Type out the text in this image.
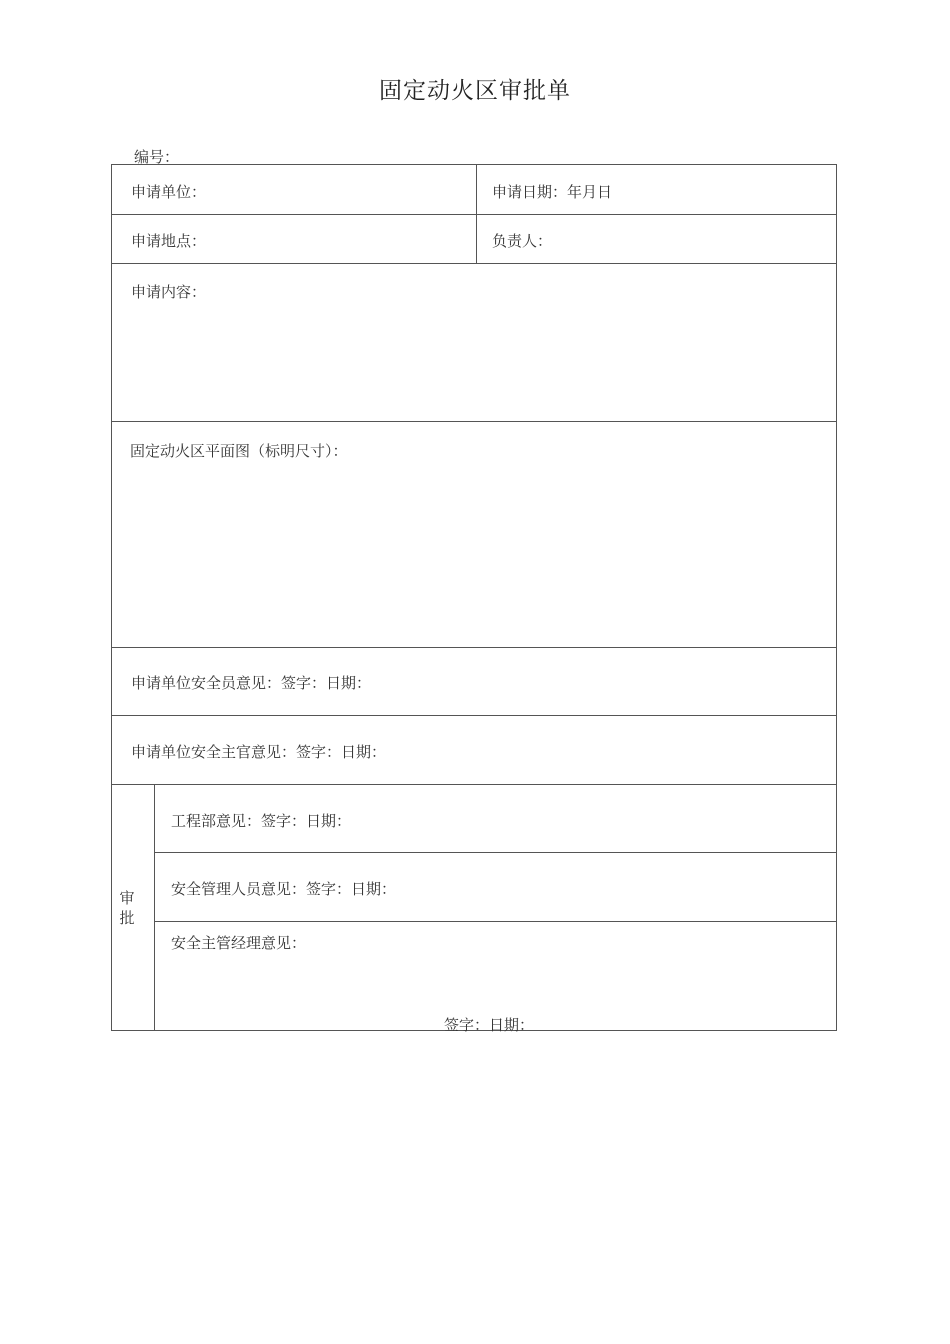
固定动火区审批单
编号：
申请单位：	申请日期：年月日
申请地点：	负责人：
申请内容：
固定动火区平面图（标明尺寸）：
申请单位安全员意见：签字：日期：
申请单位安全主官意见：签字：日期：
审
批
工程部意见：签字：日期：
安全管理人员意见：签字：日期：
安全主管经理意见：
签字：日期：
